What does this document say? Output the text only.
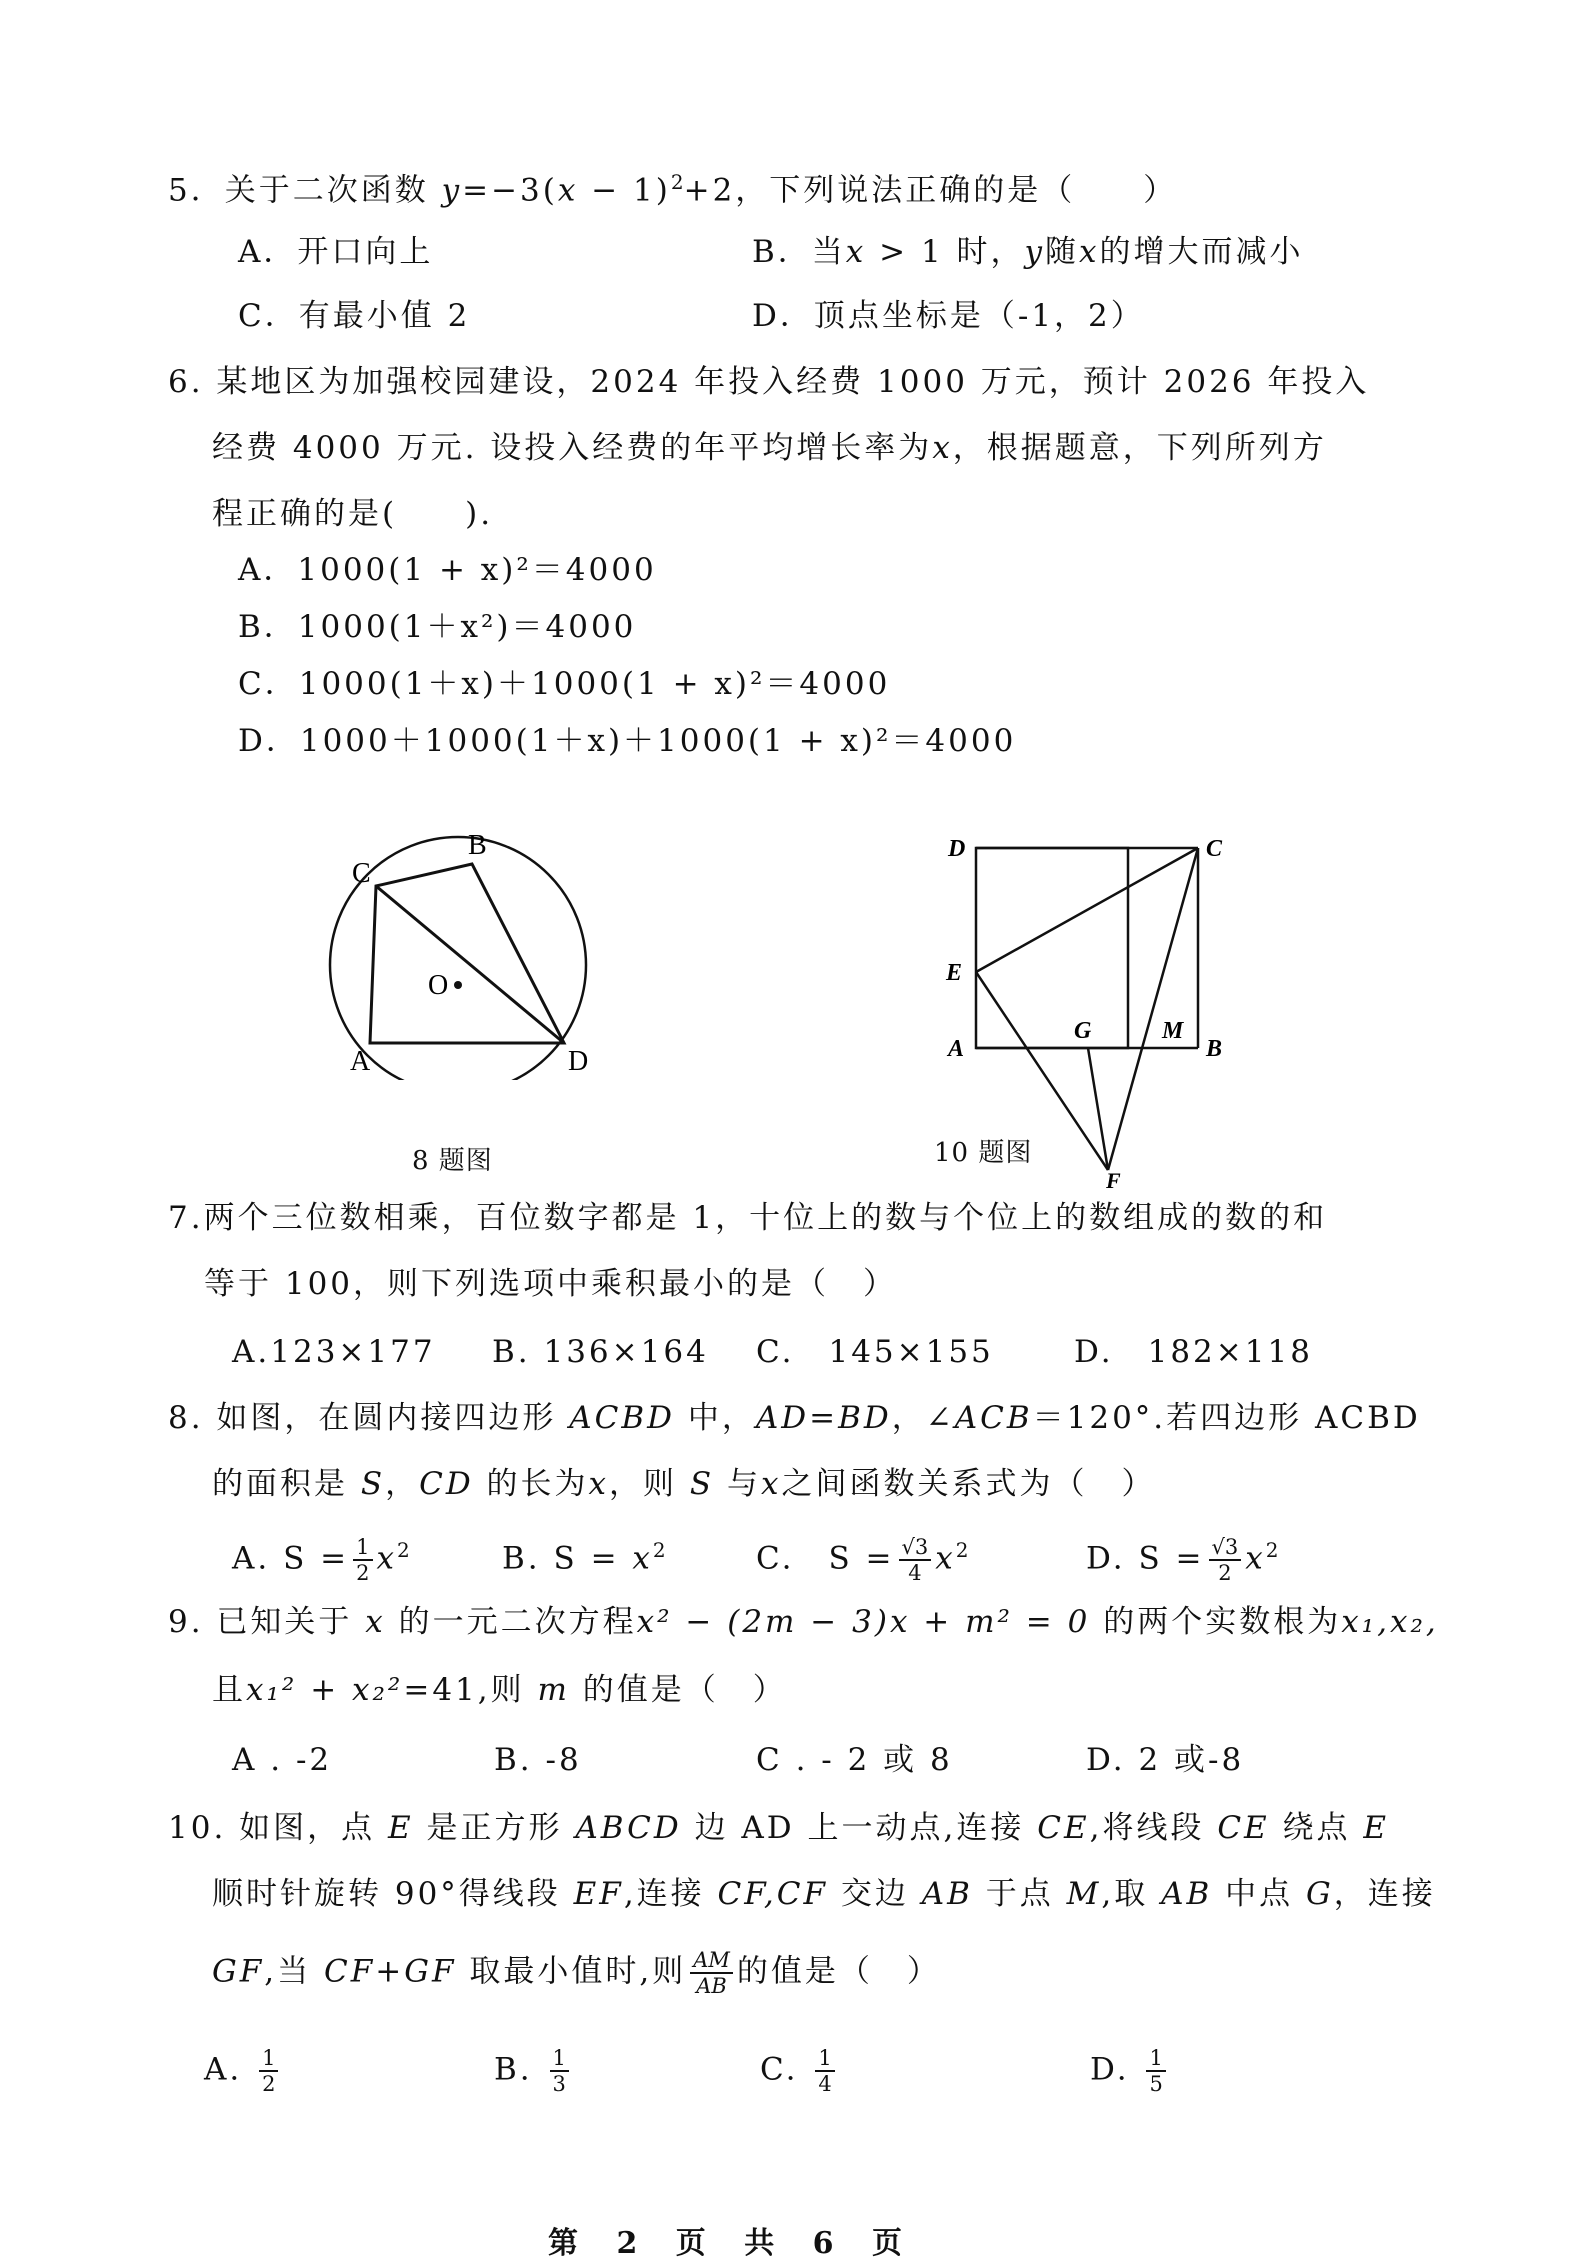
5．关于二次函数 $y=-3(x - 1)^2+2$，下列说法正确的是（　　）
A．开口向上	B．当x > 1 时，y随x的增大而减小
C．有最小值 2	D．顶点坐标是（-1，2）
6. 某地区为加强校园建设，2024 年投入经费 1000 万元，预计 2026 年投入
经费 4000 万元. 设投入经费的年平均增长率为x，根据题意，下列所列方
程正确的是(　　).
A．1000(1 + x)²＝4000
B．1000(1＋x²)＝4000
C．1000(1＋x)＋1000(1 + x)²＝4000
D．1000＋1000(1＋x)＋1000(1 + x)²＝4000
A
B
C
D
O
8 题图
D	C
E
A	B
G	M
F
10 题图
7.两个三位数相乘，百位数字都是 1，十位上的数与个位上的数组成的数的和
等于 100，则下列选项中乘积最小的是（　）
A.123×177 B. 136×164 C.　145×155	D.　182×118
8. 如图，在圆内接四边形 ACBD 中，AD=BD，∠ACB＝120°.若四边形 ACBD
的面积是 S，CD 的长为x，则 S 与x之间函数关系式为（　）
A. $S = \frac{1}{2} x^2$	B. $S = x^2$	C.　$S = \frac{√3}{4} x^2$	D. $S = \frac{√3}{2} x^2$
9. 已知关于 x 的一元二次方程x² − (2m − 3)x + m² = 0 的两个实数根为x₁,x₂,
且x₁² + x₂²=41,则 m 的值是（　）
A . -2	B. -8	C . - 2 或 8	D. 2 或-8
10. 如图，点 E 是正方形 ABCD 边 AD 上一动点,连接 CE,将线段 CE 绕点 E
顺时针旋转 90°得线段 EF,连接 CF,CF 交边 AB 于点 M,取 AB 中点 G，连接
GF,当 CF+GF 取最小值时,则 $\frac{AM}{AB}$ 的值是（　）
A. $\frac{1}{2}$	B. $\frac{1}{3}$	C. $\frac{1}{4}$	D. $\frac{1}{5}$
第 2 页 共 6 页
